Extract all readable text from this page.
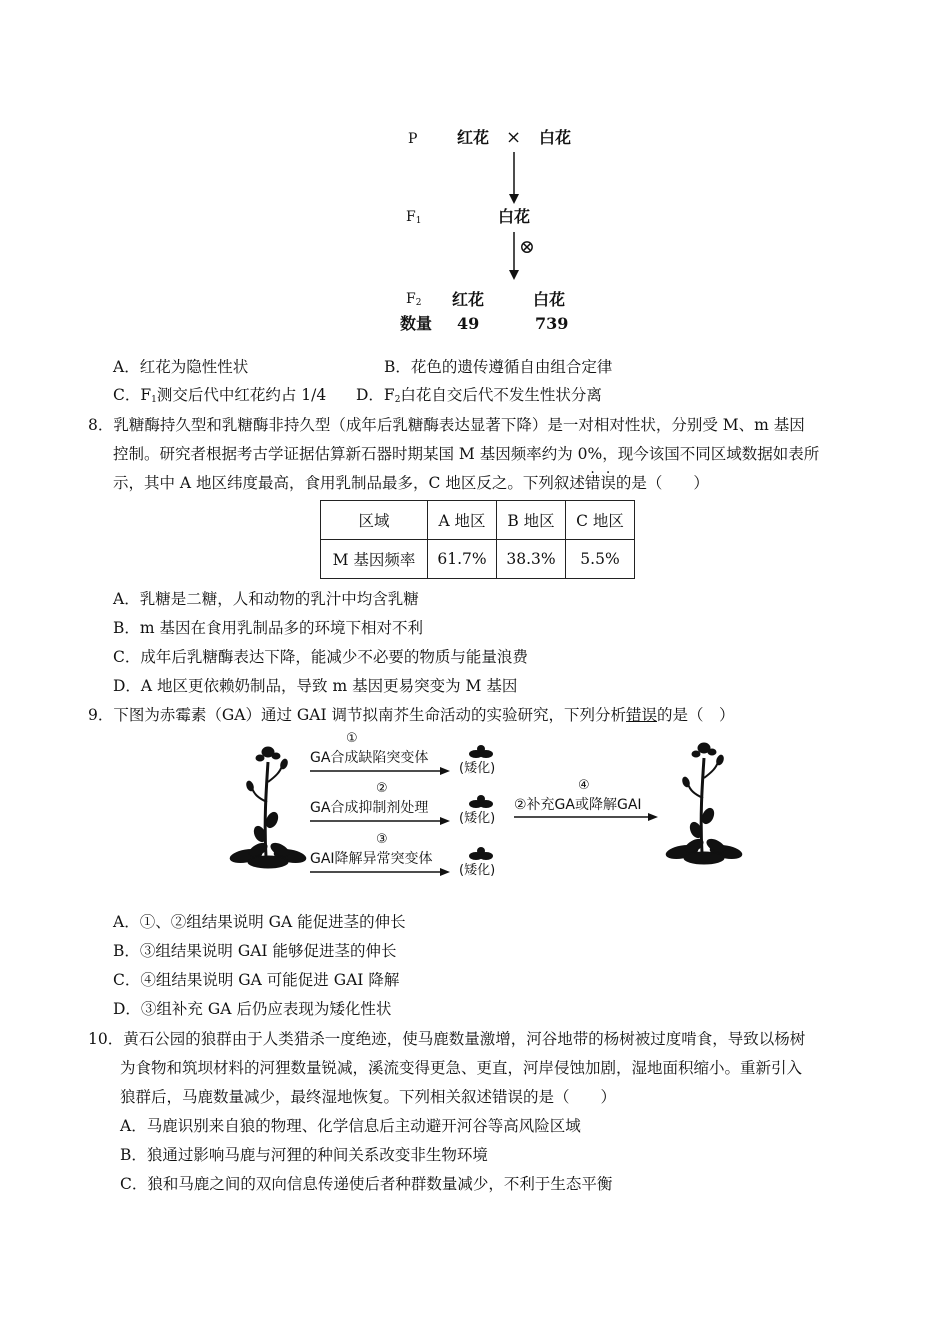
P 红花 × 白花
$F_1$	白花
⊗
$F_2$ 红花	白花
数量 49	739
A．红花为隐性性状	B．花色的遗传遵循自由组合定律
C．$F_1$测交后代中红花约占 1/4 D．$F_2$白花自交后代不发生性状分离
8．乳糖酶持久型和乳糖酶非持久型（成年后乳糖酶表达显著下降）是一对相对性状，分别受 M、m 基因
控制。研究者根据考古学证据估算新石器时期某国 M 基因频率约为 0%，现今该国不同区域数据如表所
示，其中 A 地区纬度最高，食用乳制品最多，C 地区反之。下列叙述错误的是（　　）
区域	A 地区	B 地区	C 地区
M 基因频率	61.7%	38.3%	5.5%
A．乳糖是二糖，人和动物的乳汁中均含乳糖
B．m 基因在食用乳制品多的环境下相对不利
C．成年后乳糖酶表达下降，能减少不必要的物质与能量浪费
D．A 地区更依赖奶制品，导致 m 基因更易突变为 M 基因
9．下图为赤霉素（GA）通过 GAI 调节拟南芥生命活动的实验研究，下列分析错误的是（　）
①
GA合成缺陷突变体
(矮化)
②
GA合成抑制剂处理
(矮化)
③
GAI降解异常突变体
(矮化)
④
②补充GA或降解GAI
A．①、②组结果说明 GA 能促进茎的伸长
B．③组结果说明 GAI 能够促进茎的伸长
C．④组结果说明 GA 可能促进 GAI 降解
D．③组补充 GA 后仍应表现为矮化性状
10．黄石公园的狼群由于人类猎杀一度绝迹，使马鹿数量激增，河谷地带的杨树被过度啃食，导致以杨树
为食物和筑坝材料的河狸数量锐减，溪流变得更急、更直，河岸侵蚀加剧，湿地面积缩小。重新引入
狼群后，马鹿数量减少，最终湿地恢复。下列相关叙述错误的是（　　）
A．马鹿识别来自狼的物理、化学信息后主动避开河谷等高风险区域
B．狼通过影响马鹿与河狸的种间关系改变非生物环境
C．狼和马鹿之间的双向信息传递使后者种群数量减少，不利于生态平衡
